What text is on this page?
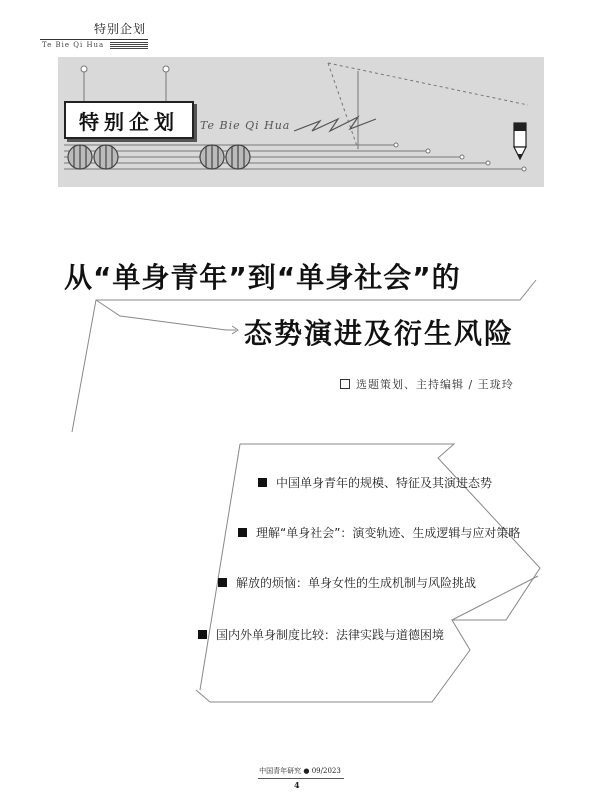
特别企划
Te Bie Qi Hua
特别企划	Te Bie Qi Hua
从“单身青年”到“单身社会”的
态势演进及衍生风险
选题策划、主持编辑 / 王珑玲
中国单身青年的规模、特征及其演进态势
理解“单身社会”：演变轨迹、生成逻辑与应对策略
解放的烦恼：单身女性的生成机制与风险挑战
国内外单身制度比较：法律实践与道德困境
中国青年研究 ● 09/2023
4
